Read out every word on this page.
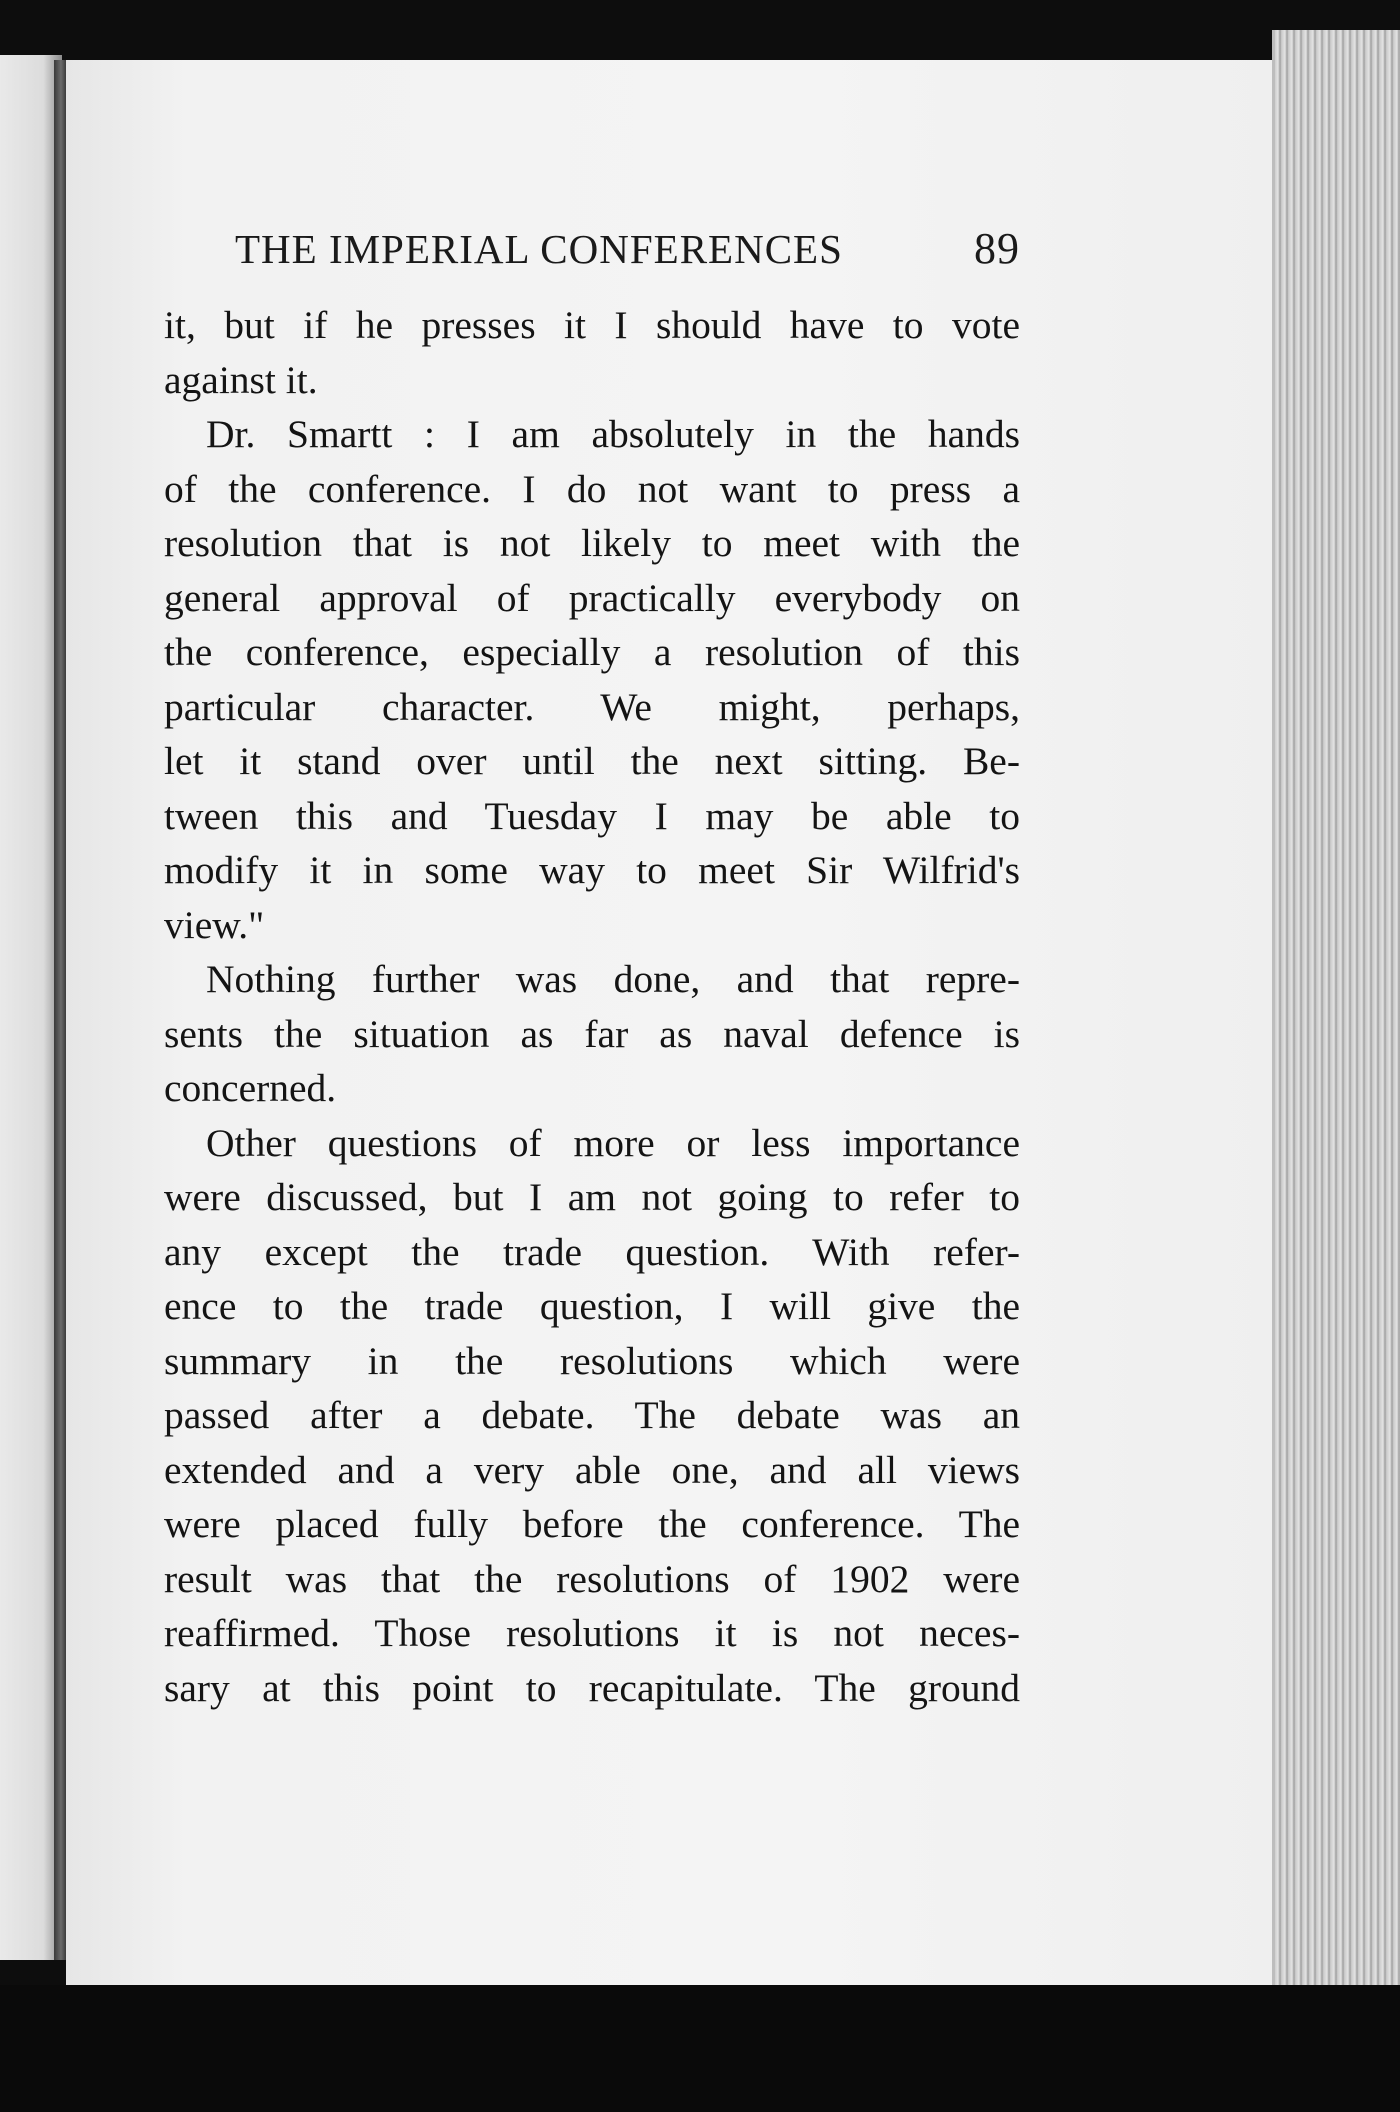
THE IMPERIAL CONFERENCES	89
it, but if he presses it I should have to vote
against it.
Dr. Smartt : I am absolutely in the hands
of the conference. I do not want to press a
resolution that is not likely to meet with the
general approval of practically everybody on
the conference, especially a resolution of this
particular character. We might, perhaps,
let it stand over until the next sitting. Be-
tween this and Tuesday I may be able to
modify it in some way to meet Sir Wilfrid's
view."
Nothing further was done, and that repre-
sents the situation as far as naval defence is
concerned.
Other questions of more or less importance
were discussed, but I am not going to refer to
any except the trade question. With refer-
ence to the trade question, I will give the
summary in the resolutions which were
passed after a debate. The debate was an
extended and a very able one, and all views
were placed fully before the conference. The
result was that the resolutions of 1902 were
reaffirmed. Those resolutions it is not neces-
sary at this point to recapitulate. The ground
